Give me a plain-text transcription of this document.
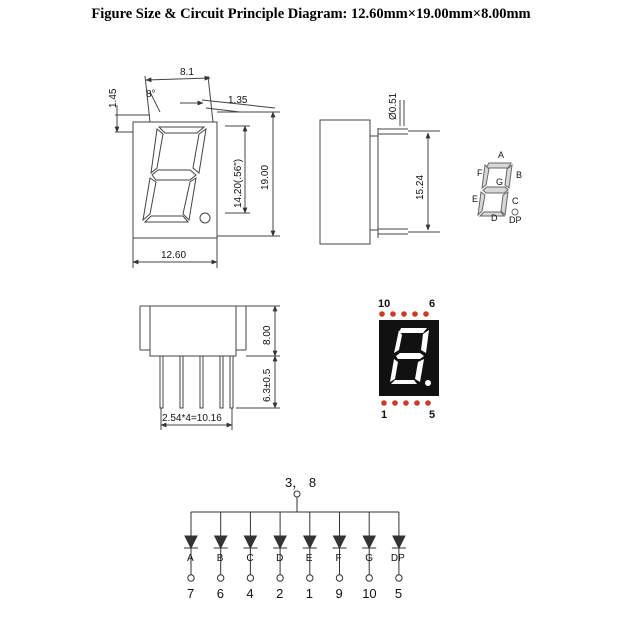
Figure Size & Circuit Principle Diagram: 12.60mm×19.00mm×8.00mm
8.1
8°
1.35
1.45
14.20(.56") 19.00
12.60
Ø0.51
15.24
A
B
C
D
E
F
G
DP
8.00
6.3±0.5
2.54*4=10.16
10	6
1	5
3， 8
A
7
B
6
C
4
D
2
E
1
F
9
G
10
DP
5
